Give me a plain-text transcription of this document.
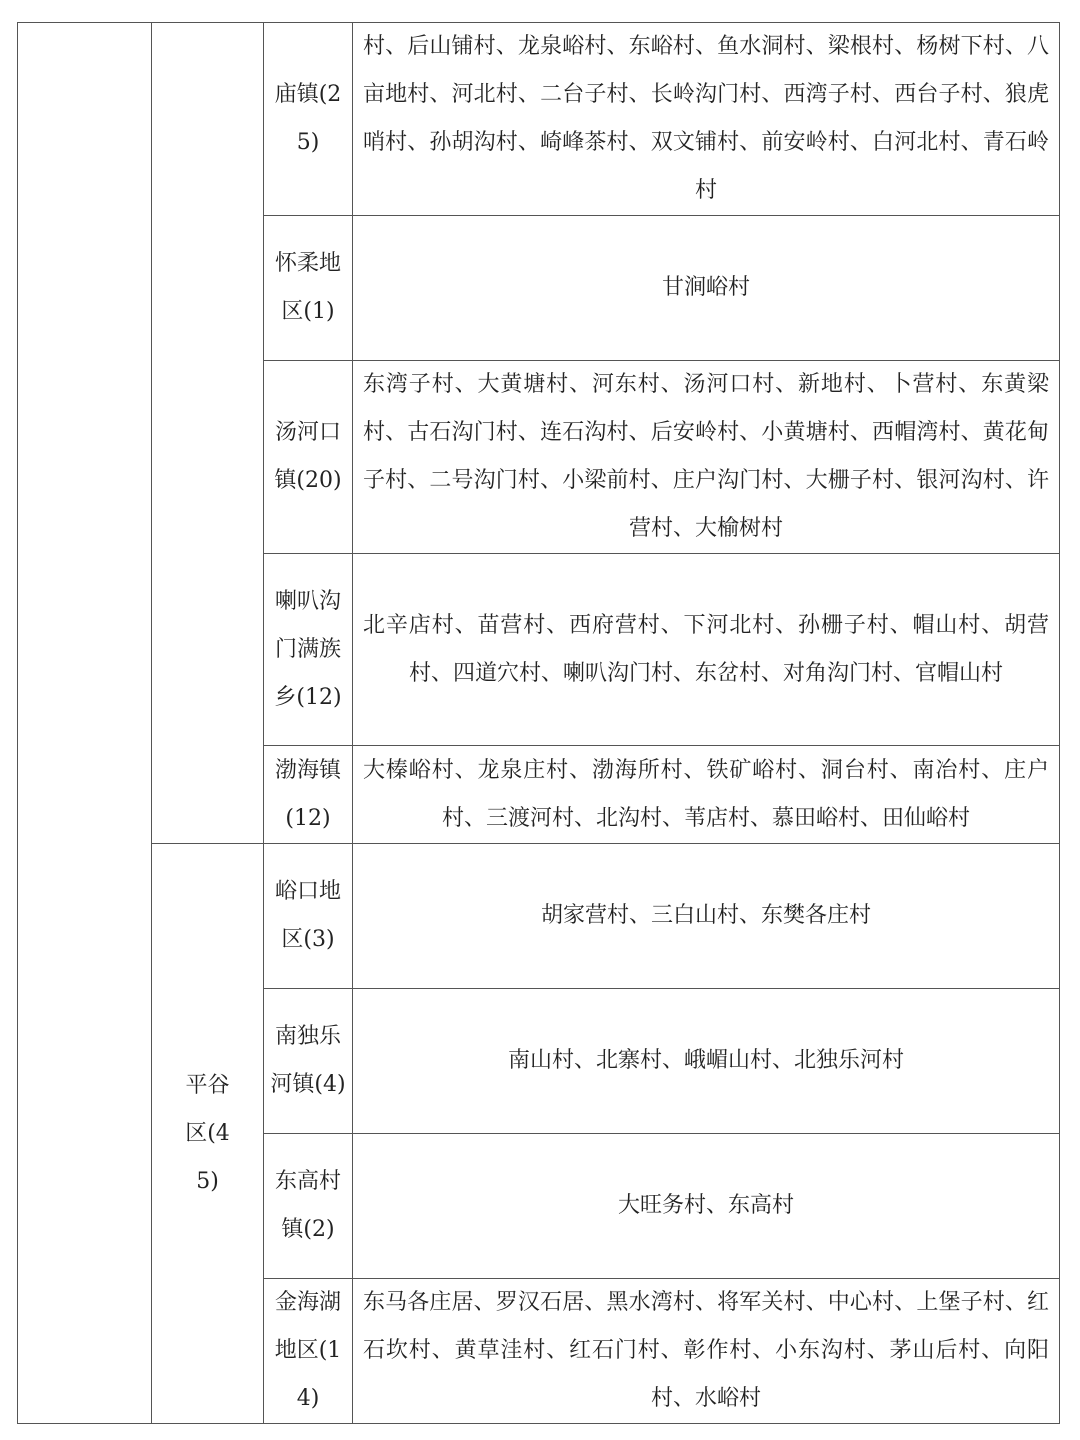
		庙镇(25)	村、后山铺村、龙泉峪村、东峪村、鱼水洞村、梁根村、杨树下村、八亩地村、河北村、二台子村、长岭沟门村、西湾子村、西台子村、狼虎哨村、孙胡沟村、崎峰茶村、双文铺村、前安岭村、白河北村、青石岭村

		怀柔地区(1)	甘涧峪村

		汤河口镇(20)	东湾子村、大黄塘村、河东村、汤河口村、新地村、卜营村、东黄梁村、古石沟门村、连石沟村、后安岭村、小黄塘村、西帽湾村、黄花甸子村、二号沟门村、小梁前村、庄户沟门村、大栅子村、银河沟村、许营村、大榆树村

		喇叭沟门满族乡(12)	北辛店村、苗营村、西府营村、下河北村、孙栅子村、帽山村、胡营村、四道穴村、喇叭沟门村、东岔村、对角沟门村、官帽山村

		渤海镇(12)	大榛峪村、龙泉庄村、渤海所村、铁矿峪村、洞台村、南冶村、庄户村、三渡河村、北沟村、苇店村、慕田峪村、田仙峪村

	平谷区(45)	峪口地区(3)	胡家营村、三白山村、东樊各庄村

		南独乐河镇(4)	南山村、北寨村、峨嵋山村、北独乐河村

		东高村镇(2)	大旺务村、东高村

		金海湖地区(14)	东马各庄居、罗汉石居、黑水湾村、将军关村、中心村、上堡子村、红石坎村、黄草洼村、红石门村、彰作村、小东沟村、茅山后村、向阳村、水峪村
